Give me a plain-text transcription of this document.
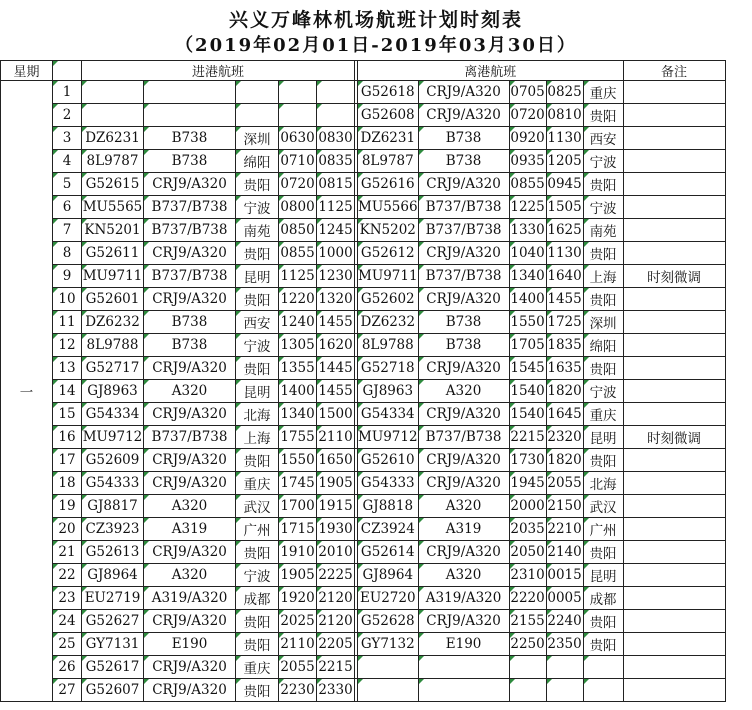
兴义万峰林机场航班计划时刻表
（2019年02月01日-2019年03月30日）
星期		进港航班						离港航班					备注
一	1							G52618	CRJ9/A320	0705	0825	重庆	
	2							G52608	CRJ9/A320	0720	0810	贵阳	
	3	DZ6231	B738	深圳	0630	0830		DZ6231	B738	0920	1130	西安	
	4	8L9787	B738	绵阳	0710	0835		8L9787	B738	0935	1205	宁波	
	5	G52615	CRJ9/A320	贵阳	0720	0815		G52616	CRJ9/A320	0855	0945	贵阳	
	6	MU5565	B737/B738	宁波	0800	1125		MU5566	B737/B738	1225	1505	宁波	
	7	KN5201	B737/B738	南苑	0850	1245		KN5202	B737/B738	1330	1625	南苑	
	8	G52611	CRJ9/A320	贵阳	0855	1000		G52612	CRJ9/A320	1040	1130	贵阳	
	9	MU9711	B737/B738	昆明	1125	1230		MU9711	B737/B738	1340	1640	上海	时刻微调
	10	G52601	CRJ9/A320	贵阳	1220	1320		G52602	CRJ9/A320	1400	1455	贵阳	
	11	DZ6232	B738	西安	1240	1455		DZ6232	B738	1550	1725	深圳	
	12	8L9788	B738	宁波	1305	1620		8L9788	B738	1705	1835	绵阳	
	13	G52717	CRJ9/A320	贵阳	1355	1445		G52718	CRJ9/A320	1545	1635	贵阳	
	14	GJ8963	A320	昆明	1400	1455		GJ8963	A320	1540	1820	宁波	
	15	G54334	CRJ9/A320	北海	1340	1500		G54334	CRJ9/A320	1540	1645	重庆	
	16	MU9712	B737/B738	上海	1755	2110		MU9712	B737/B738	2215	2320	昆明	时刻微调
	17	G52609	CRJ9/A320	贵阳	1550	1650		G52610	CRJ9/A320	1730	1820	贵阳	
	18	G54333	CRJ9/A320	重庆	1745	1905		G54333	CRJ9/A320	1945	2055	北海	
	19	GJ8817	A320	武汉	1700	1915		GJ8818	A320	2000	2150	武汉	
	20	CZ3923	A319	广州	1715	1930		CZ3924	A319	2035	2210	广州	
	21	G52613	CRJ9/A320	贵阳	1910	2010		G52614	CRJ9/A320	2050	2140	贵阳	
	22	GJ8964	A320	宁波	1905	2225		GJ8964	A320	2310	0015	昆明	
	23	EU2719	A319/A320	成都	1920	2120		EU2720	A319/A320	2220	0005	成都	
	24	G52627	CRJ9/A320	贵阳	2025	2120		G52628	CRJ9/A320	2155	2240	贵阳	
	25	GY7131	E190	贵阳	2110	2205		GY7132	E190	2250	2350	贵阳	
	26	G52617	CRJ9/A320	重庆	2055	2215							
	27	G52607	CRJ9/A320	贵阳	2230	2330							
